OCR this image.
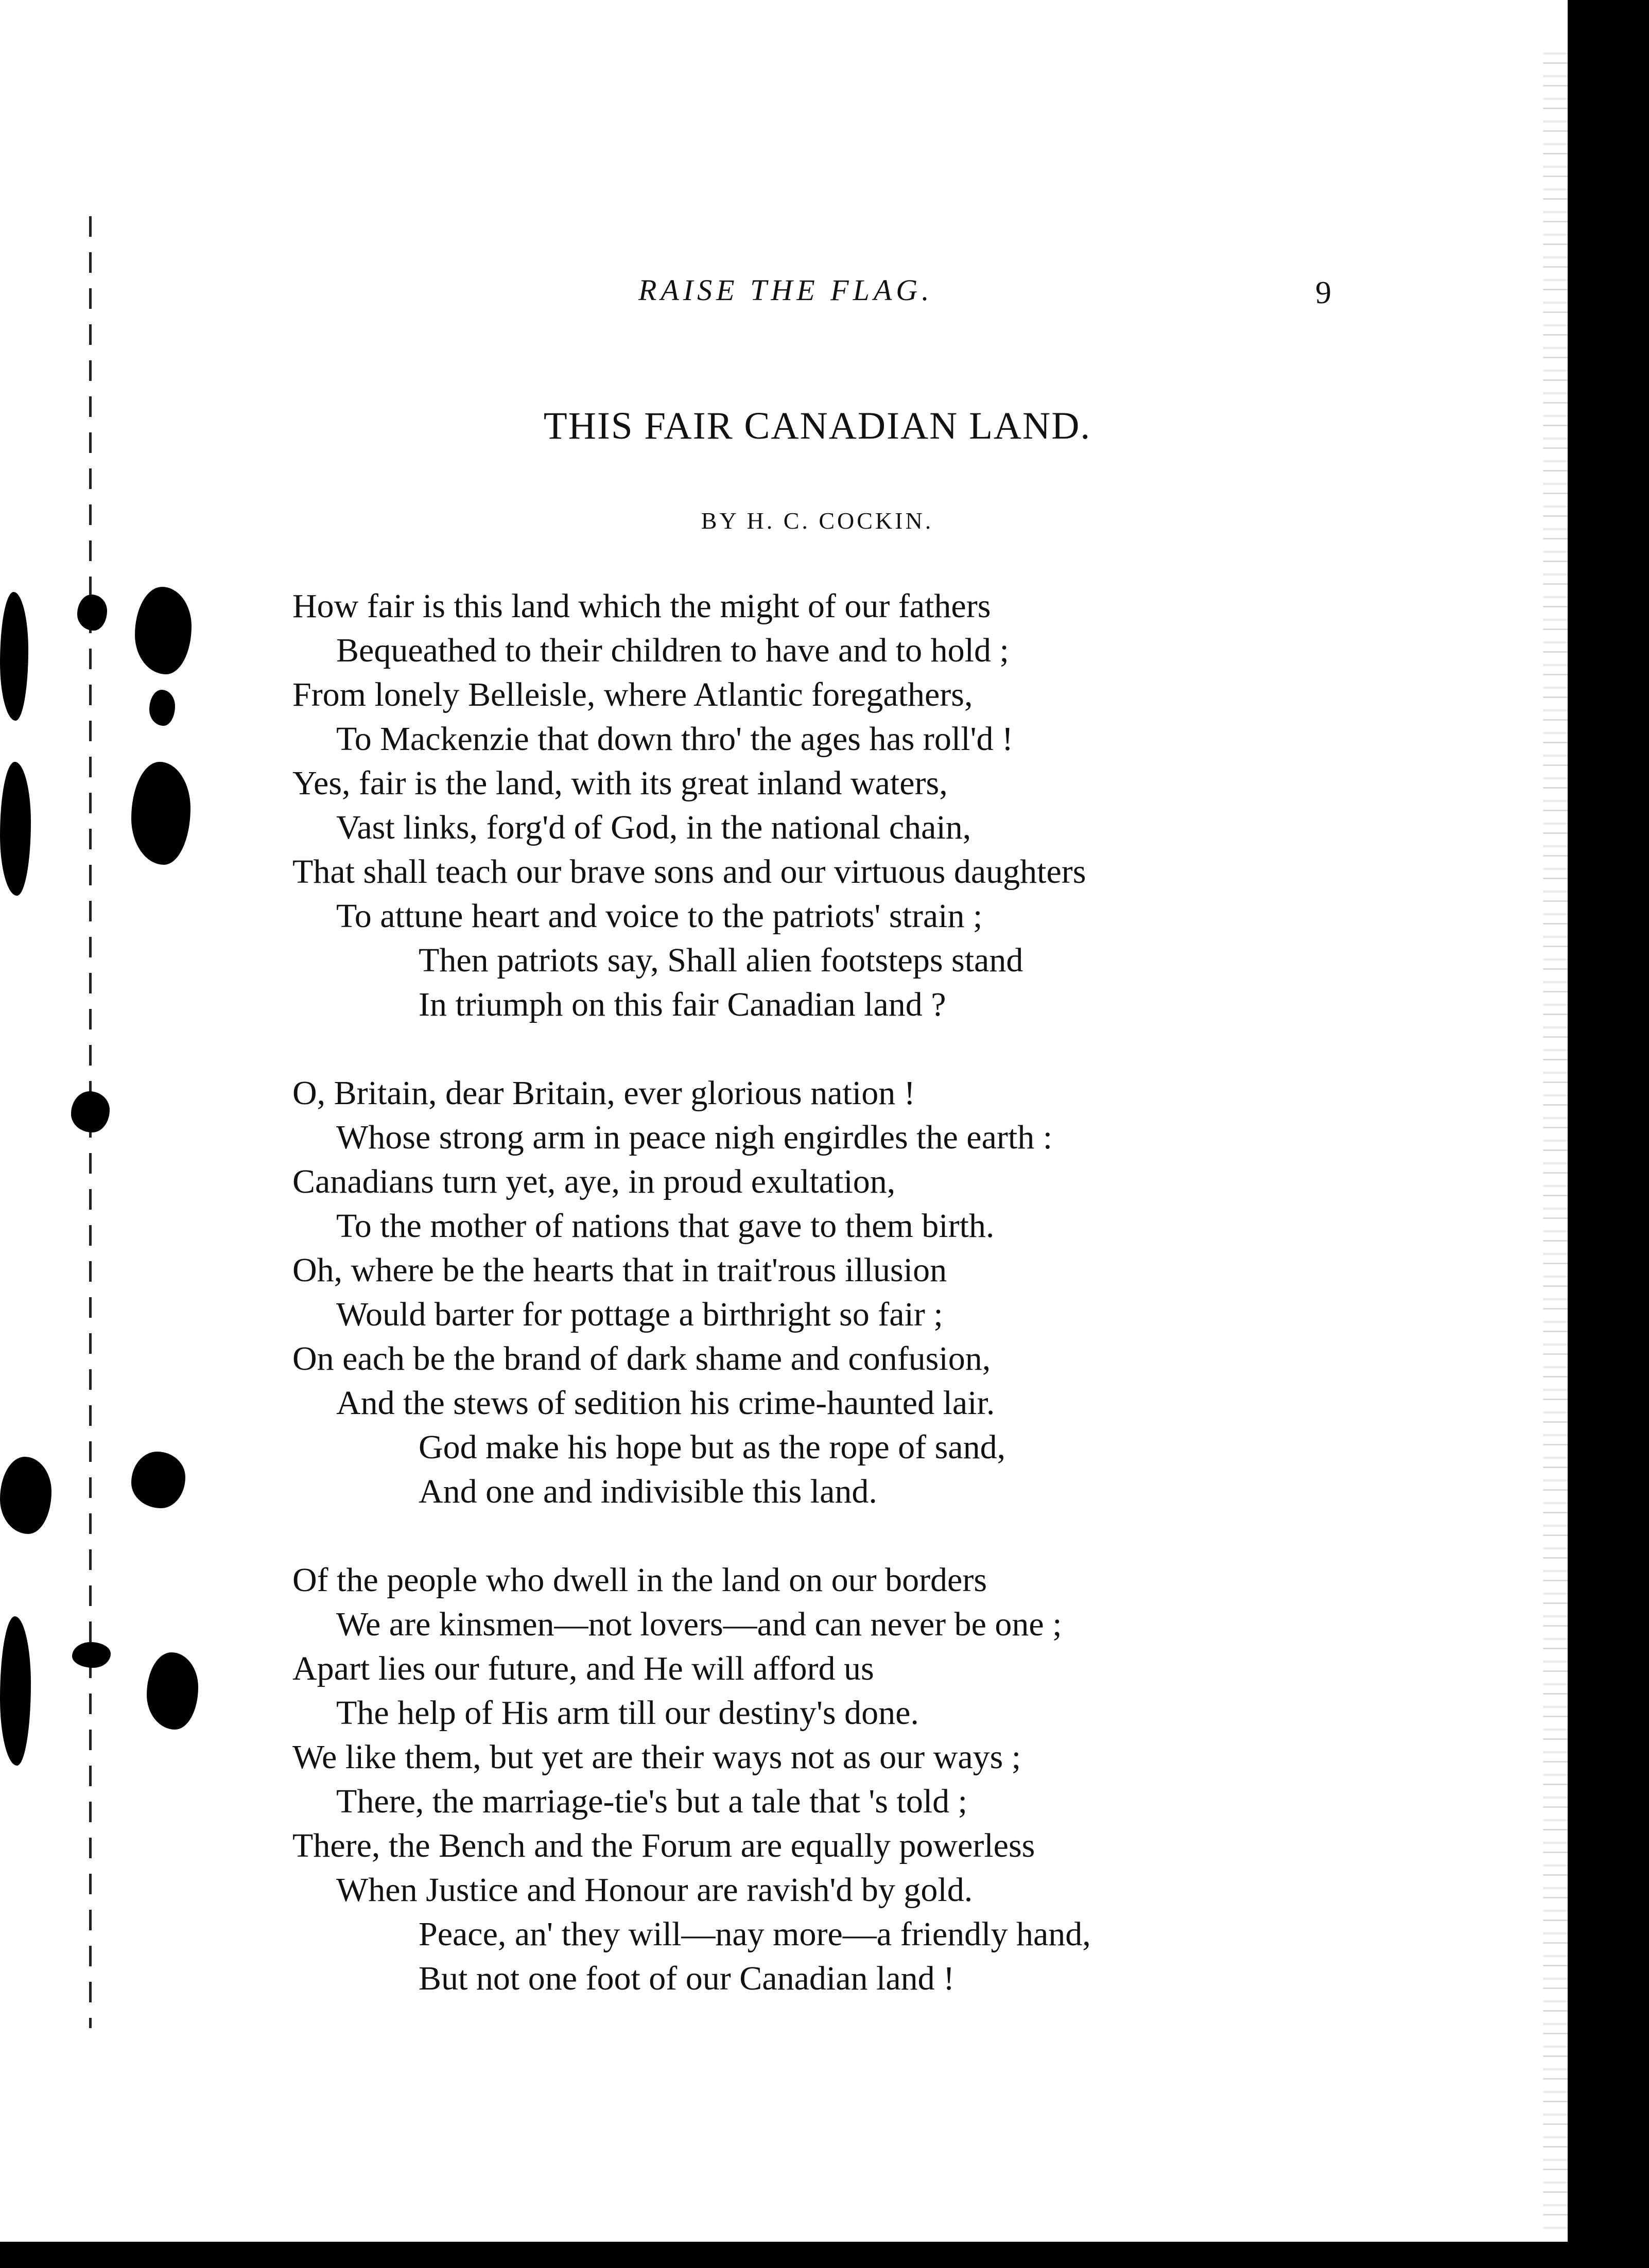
RAISE THE FLAG.	9
THIS FAIR CANADIAN LAND.
BY H. C. COCKIN.
How fair is this land which the might of our fathers
Bequeathed to their children to have and to hold ;
From lonely Belleisle, where Atlantic foregathers,
To Mackenzie that down thro' the ages has roll'd !
Yes, fair is the land, with its great inland waters,
Vast links, forg'd of God, in the national chain,
That shall teach our brave sons and our virtuous daughters
To attune heart and voice to the patriots' strain ;
Then patriots say, Shall alien footsteps stand
In triumph on this fair Canadian land ?
O, Britain, dear Britain, ever glorious nation !
Whose strong arm in peace nigh engirdles the earth :
Canadians turn yet, aye, in proud exultation,
To the mother of nations that gave to them birth.
Oh, where be the hearts that in trait'rous illusion
Would barter for pottage a birthright so fair ;
On each be the brand of dark shame and confusion,
And the stews of sedition his crime-haunted lair.
God make his hope but as the rope of sand,
And one and indivisible this land.
Of the people who dwell in the land on our borders
We are kinsmen—not lovers—and can never be one ;
Apart lies our future, and He will afford us
The help of His arm till our destiny's done.
We like them, but yet are their ways not as our ways ;
There, the marriage-tie's but a tale that 's told ;
There, the Bench and the Forum are equally powerless
When Justice and Honour are ravish'd by gold.
Peace, an' they will—nay more—a friendly hand,
But not one foot of our Canadian land !
